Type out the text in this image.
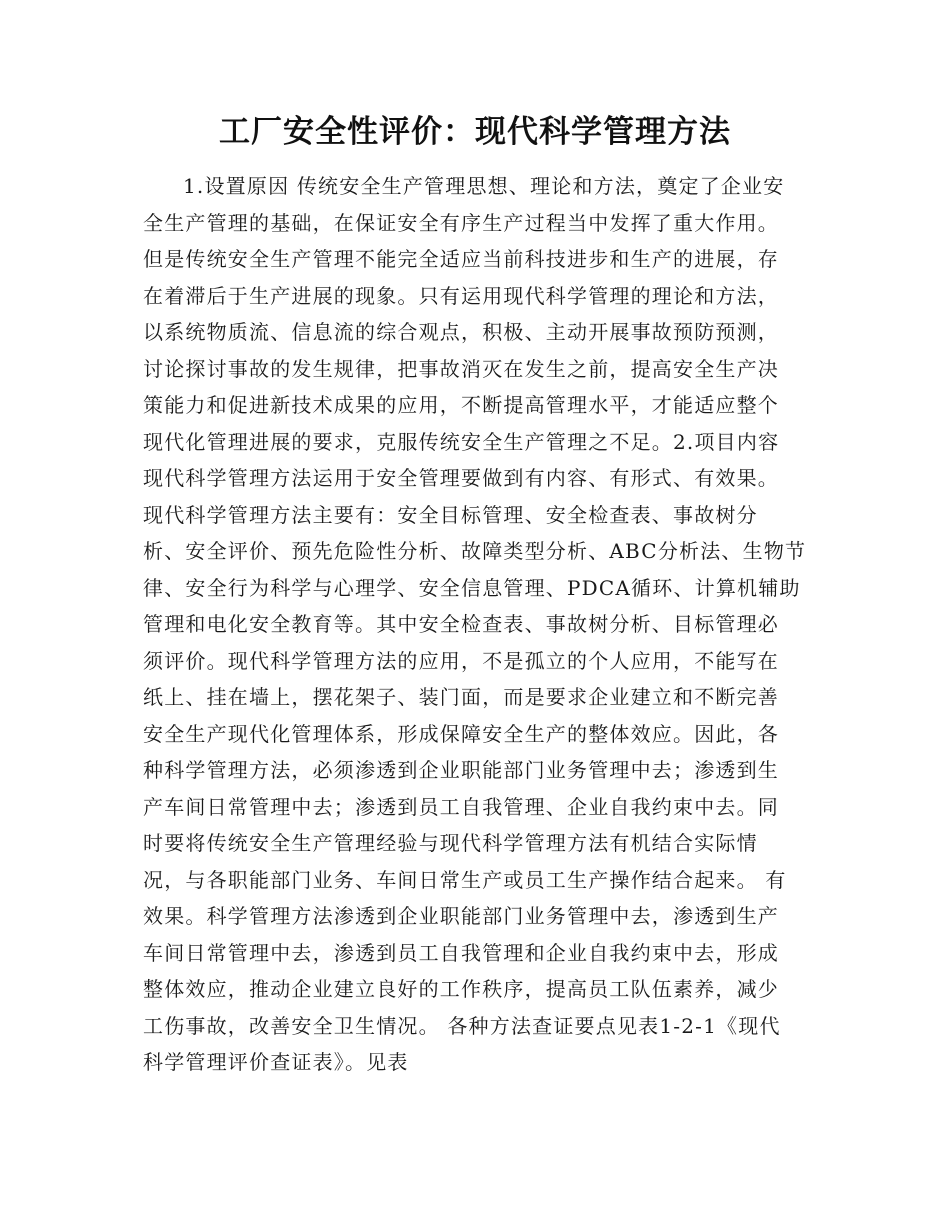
工厂安全性评价：现代科学管理方法
1.设置原因 传统安全生产管理思想、理论和方法，奠定了企业安
全生产管理的基础，在保证安全有序生产过程当中发挥了重大作用。
但是传统安全生产管理不能完全适应当前科技进步和生产的进展，存
在着滞后于生产进展的现象。只有运用现代科学管理的理论和方法，
以系统物质流、信息流的综合观点，积极、主动开展事故预防预测，
讨论探讨事故的发生规律，把事故消灭在发生之前，提高安全生产决
策能力和促进新技术成果的应用，不断提高管理水平，才能适应整个
现代化管理进展的要求，克服传统安全生产管理之不足。2.项目内容
现代科学管理方法运用于安全管理要做到有内容、有形式、有效果。
现代科学管理方法主要有：安全目标管理、安全检查表、事故树分
析、安全评价、预先危险性分析、故障类型分析、ABC分析法、生物节
律、安全行为科学与心理学、安全信息管理、PDCA循环、计算机辅助
管理和电化安全教育等。其中安全检查表、事故树分析、目标管理必
须评价。现代科学管理方法的应用，不是孤立的个人应用，不能写在
纸上、挂在墙上，摆花架子、装门面，而是要求企业建立和不断完善
安全生产现代化管理体系，形成保障安全生产的整体效应。因此，各
种科学管理方法，必须渗透到企业职能部门业务管理中去；渗透到生
产车间日常管理中去；渗透到员工自我管理、企业自我约束中去。同
时要将传统安全生产管理经验与现代科学管理方法有机结合实际情
况，与各职能部门业务、车间日常生产或员工生产操作结合起来。 有
效果。科学管理方法渗透到企业职能部门业务管理中去，渗透到生产
车间日常管理中去，渗透到员工自我管理和企业自我约束中去，形成
整体效应，推动企业建立良好的工作秩序，提高员工队伍素养，减少
工伤事故，改善安全卫生情况。 各种方法查证要点见表1-2-1《现代
科学管理评价查证表》。见表
